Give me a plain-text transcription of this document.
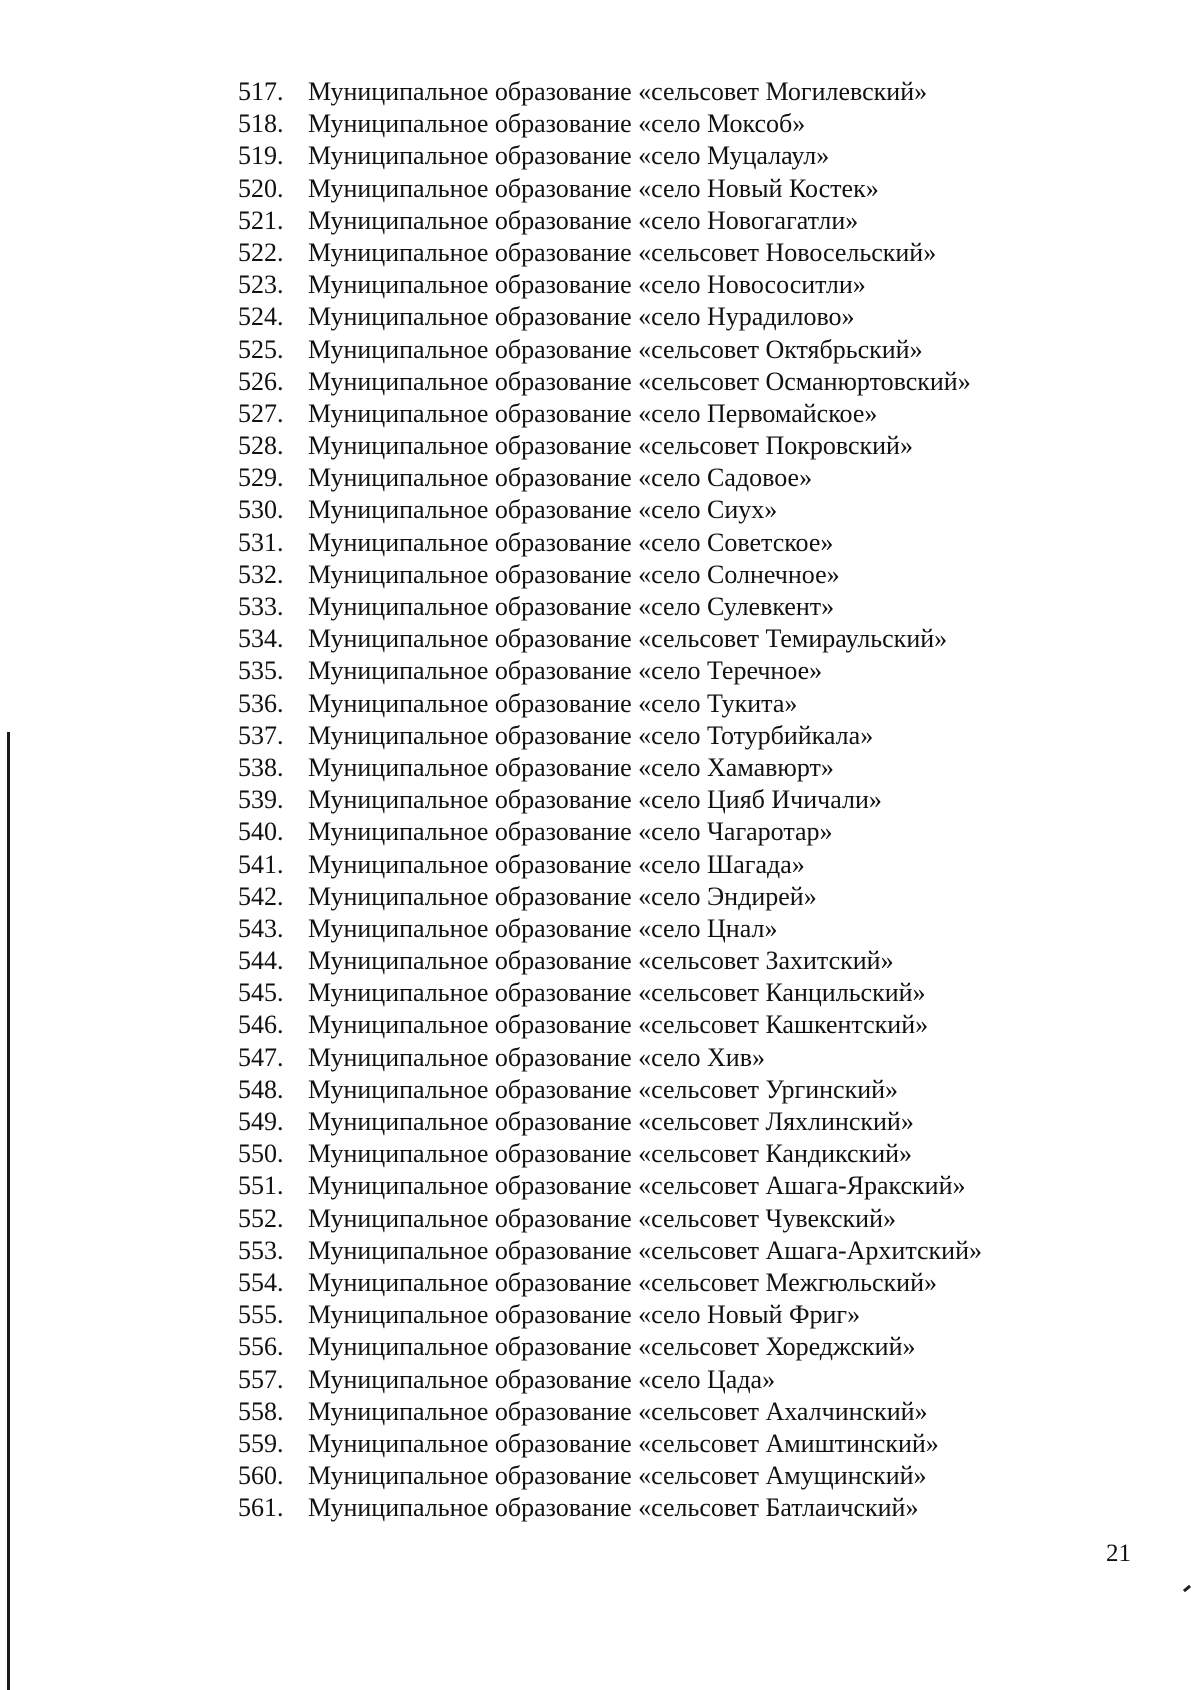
517. Муниципальное образование «сельсовет Могилевский»
518. Муниципальное образование «село Моксоб»
519. Муниципальное образование «село Муцалаул»
520. Муниципальное образование «село Новый Костек»
521. Муниципальное образование «село Новогагатли»
522. Муниципальное образование «сельсовет Новосельский»
523. Муниципальное образование «село Новососитли»
524. Муниципальное образование «село Нурадилово»
525. Муниципальное образование «сельсовет Октябрьский»
526. Муниципальное образование «сельсовет Османюртовский»
527. Муниципальное образование «село Первомайское»
528. Муниципальное образование «сельсовет Покровский»
529. Муниципальное образование «село Садовое»
530. Муниципальное образование «село Сиух»
531. Муниципальное образование «село Советское»
532. Муниципальное образование «село Солнечное»
533. Муниципальное образование «село Сулевкент»
534. Муниципальное образование «сельсовет Темираульский»
535. Муниципальное образование «село Теречное»
536. Муниципальное образование «село Тукита»
537. Муниципальное образование «село Тотурбийкала»
538. Муниципальное образование «село Хамавюрт»
539. Муниципальное образование «село Цияб Ичичали»
540. Муниципальное образование «село Чагаротар»
541. Муниципальное образование «село Шагада»
542. Муниципальное образование «село Эндирей»
543. Муниципальное образование «село Цнал»
544. Муниципальное образование «сельсовет Захитский»
545. Муниципальное образование «сельсовет Канцильский»
546. Муниципальное образование «сельсовет Кашкентский»
547. Муниципальное образование «село Хив»
548. Муниципальное образование «сельсовет Ургинский»
549. Муниципальное образование «сельсовет Ляхлинский»
550. Муниципальное образование «сельсовет Кандикский»
551. Муниципальное образование «сельсовет Ашага-Яракский»
552. Муниципальное образование «сельсовет Чувекский»
553. Муниципальное образование «сельсовет Ашага-Архитский»
554. Муниципальное образование «сельсовет Межгюльский»
555. Муниципальное образование «село Новый Фриг»
556. Муниципальное образование «сельсовет Хореджский»
557. Муниципальное образование «село Цада»
558. Муниципальное образование «сельсовет Ахалчинский»
559. Муниципальное образование «сельсовет Амиштинский»
560. Муниципальное образование «сельсовет Амущинский»
561. Муниципальное образование «сельсовет Батлаичский»
21
